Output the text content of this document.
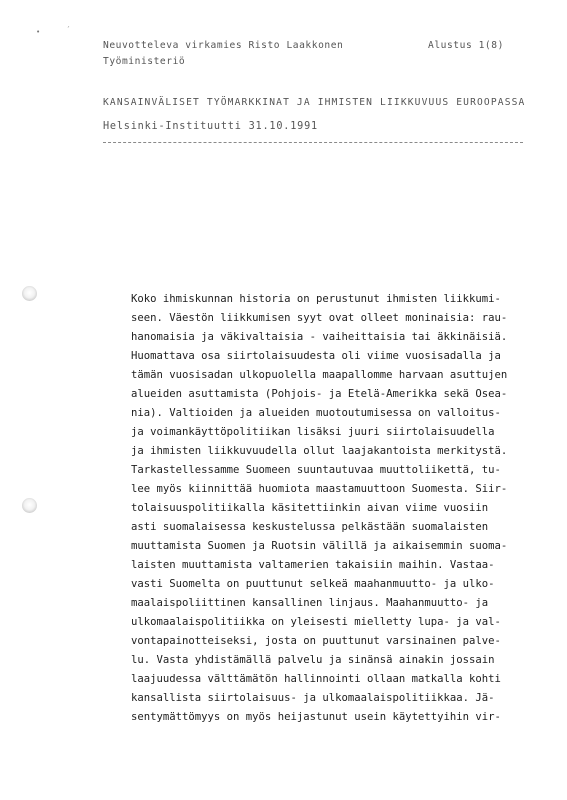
•	´
Neuvotteleva virkamies Risto Laakkonen
Työministeriö
Alustus 1(8)
KANSAINVÄLISET TYÖMARKKINAT JA IHMISTEN LIIKKUVUUS EUROOPASSA
Helsinki-Instituutti 31.10.1991
Koko ihmiskunnan historia on perustunut ihmisten liikkumi-
seen. Väestön liikkumisen syyt ovat olleet moninaisia: rau-
hanomaisia ja väkivaltaisia - vaiheittaisia tai äkkinäisiä.
Huomattava osa siirtolaisuudesta oli viime vuosisadalla ja
tämän vuosisadan ulkopuolella maapallomme harvaan asuttujen
alueiden asuttamista (Pohjois- ja Etelä-Amerikka sekä Osea-
nia). Valtioiden ja alueiden muotoutumisessa on valloitus-
ja voimankäyttöpolitiikan lisäksi juuri siirtolaisuudella
ja ihmisten liikkuvuudella ollut laajakantoista merkitystä.
Tarkastellessamme Suomeen suuntautuvaa muuttoliikettä, tu-
lee myös kiinnittää huomiota maastamuuttoon Suomesta. Siir-
tolaisuuspolitiikalla käsitettiinkin aivan viime vuosiin
asti suomalaisessa keskustelussa pelkästään suomalaisten
muuttamista Suomen ja Ruotsin välillä ja aikaisemmin suoma-
laisten muuttamista valtamerien takaisiin maihin. Vastaa-
vasti Suomelta on puuttunut selkeä maahanmuutto- ja ulko-
maalaispoliittinen kansallinen linjaus. Maahanmuutto- ja
ulkomaalaispolitiikka on yleisesti mielletty lupa- ja val-
vontapainotteiseksi, josta on puuttunut varsinainen palve-
lu. Vasta yhdistämällä palvelu ja sinänsä ainakin jossain
laajuudessa välttämätön hallinnointi ollaan matkalla kohti
kansallista siirtolaisuus- ja ulkomaalaispolitiikkaa. Jä-
sentymättömyys on myös heijastunut usein käytettyihin vir-
